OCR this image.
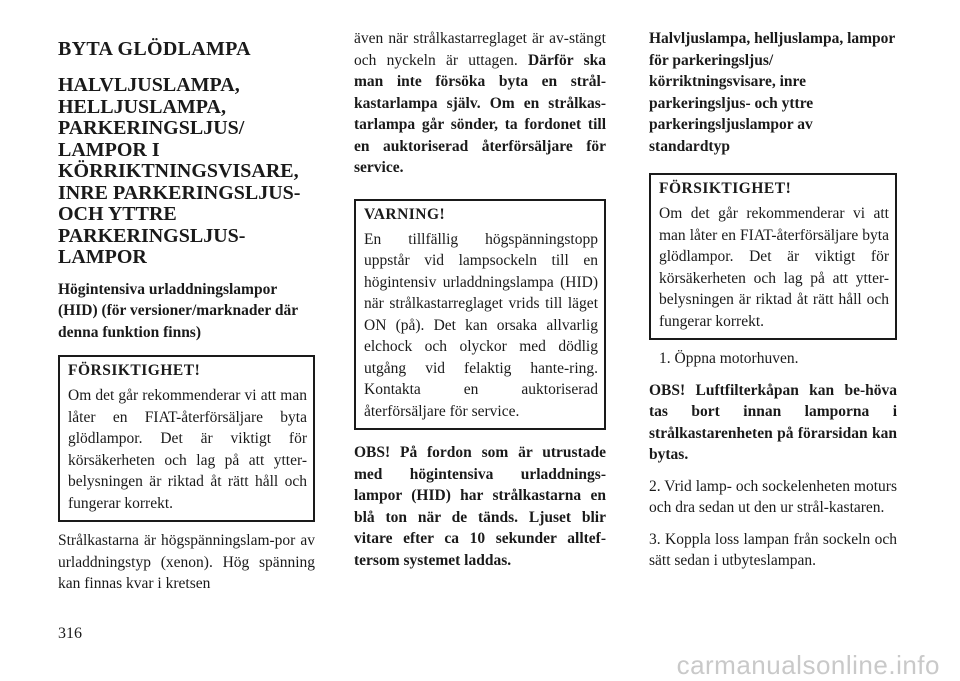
BYTA GLÖDLAMPA
HALVLJUSLAMPA, HELLJUSLAMPA, PARKERINGSLJUS/ LAMPOR I KÖRRIKTNINGSVISARE, INRE PARKERINGSLJUS- OCH YTTRE PARKERINGSLJUS- LAMPOR
Högintensiva urladdningslampor (HID) (för versioner/marknader där denna funktion finns)
FÖRSIKTIGHET!

Om det går rekommenderar vi att man låter en FIAT-återförsäljare byta glödlampor. Det är viktigt för körsäkerheten och lag på att ytter-belysningen är riktad åt rätt håll och fungerar korrekt.

Strålkastarna är högspänningslam-por av urladdningstyp (xenon). Hög spänning kan finnas kvar i kretsen

även när strålkastarreglaget är av-stängt och nyckeln är uttagen. Därför ska man inte försöka byta en strål-kastarlampa själv. Om en strålkas-tarlampa går sönder, ta fordonet till en auktoriserad återförsäljare för service.

VARNING!

En tillfällig högspänningstopp uppstår vid lampsockeln till en högintensiv urladdningslampa (HID) när strålkastarreglaget vrids till läget ON (på). Det kan orsaka allvarlig elchock och olyckor med dödlig utgång vid felaktig hante-ring. Kontakta en auktoriserad återförsäljare för service.

OBS! På fordon som är utrustade med högintensiva urladdnings-lampor (HID) har strålkastarna en blå ton när de tänds. Ljuset blir vitare efter ca 10 sekunder alltef-tersom systemet laddas.

Halvljuslampa, helljuslampa, lampor för parkeringsljus/ körriktningsvisare, inre parkeringsljus- och yttre parkeringsljuslampor av standardtyp
FÖRSIKTIGHET!

Om det går rekommenderar vi att man låter en FIAT-återförsäljare byta glödlampor. Det är viktigt för körsäkerheten och lag på att ytter-belysningen är riktad åt rätt håll och fungerar korrekt.

1. Öppna motorhuven.

OBS! Luftfilterkåpan kan be-höva tas bort innan lamporna i strålkastarenheten på förarsidan kan bytas.

2. Vrid lamp- och sockelenheten moturs och dra sedan ut den ur strål-kastaren.

3. Koppla loss lampan från sockeln och sätt sedan i utbyteslampan.

316
carmanualsonline.info
